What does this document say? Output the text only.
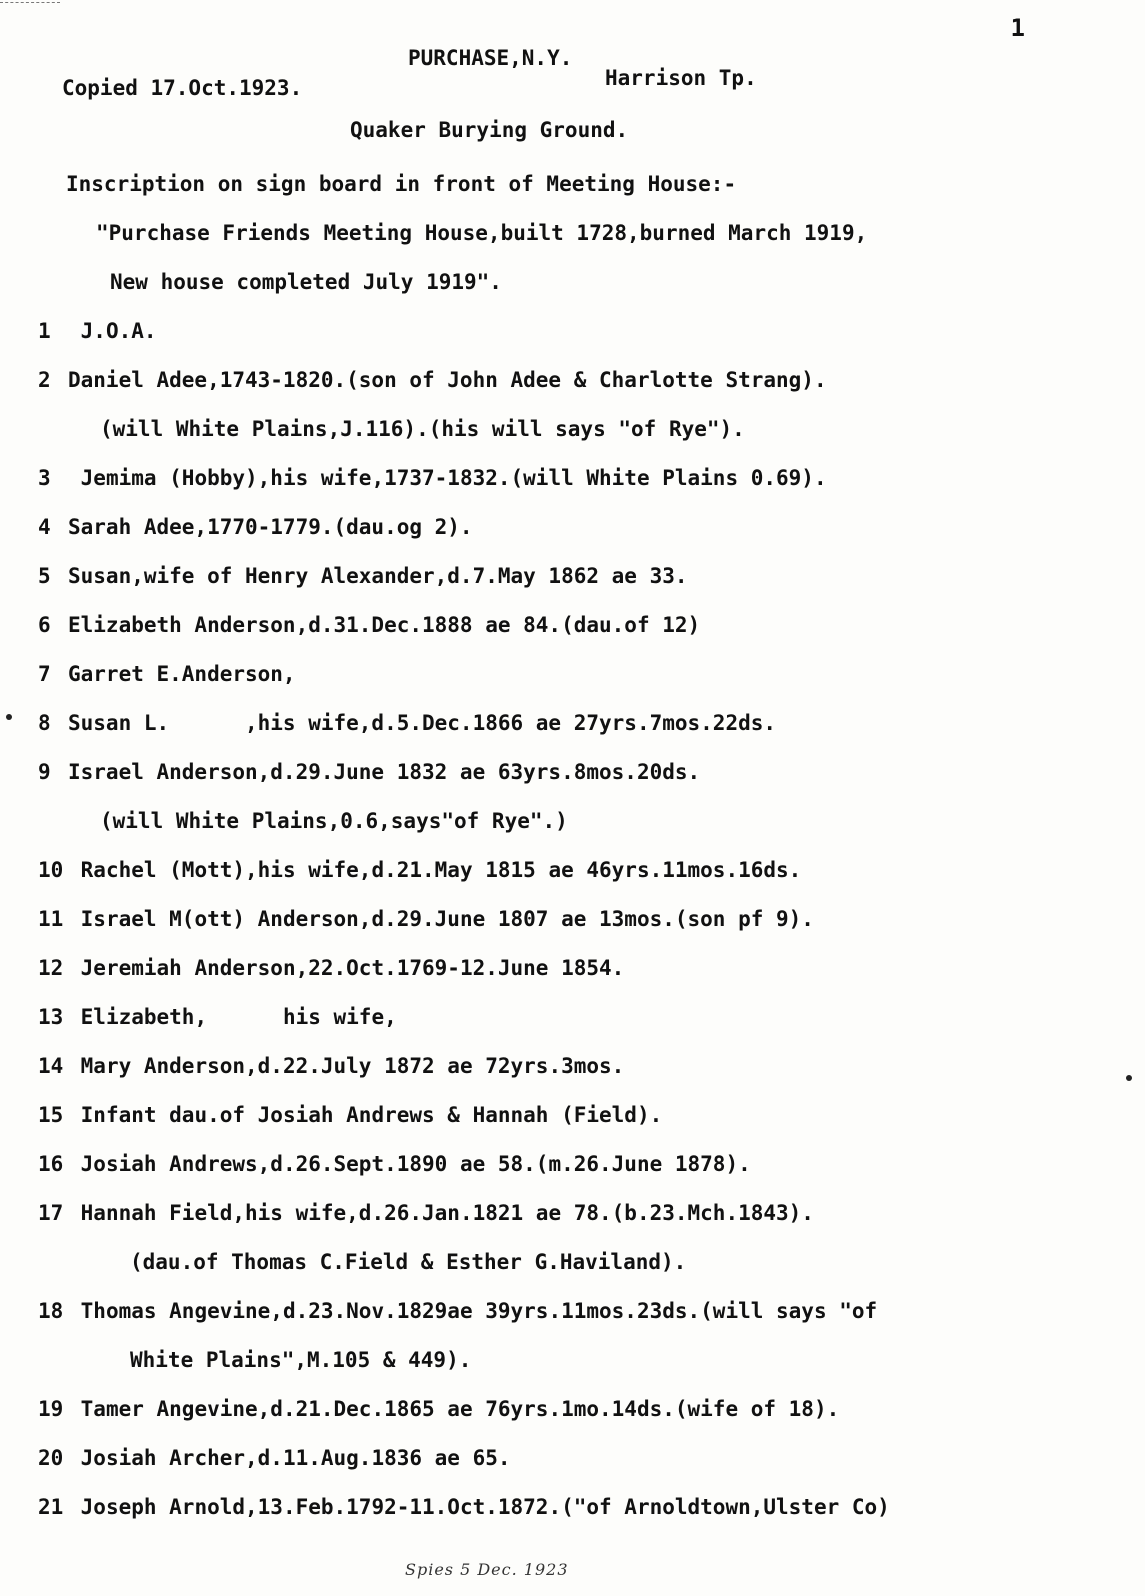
1
PURCHASE,N.Y.
Copied 17.Oct.1923.	Harrison Tp.
Quaker Burying Ground.
Inscription on sign board in front of Meeting House:-
"Purchase Friends Meeting House,built 1728,burned March 1919,
New house completed July 1919".
1 J.O.A.
2 Daniel Adee,1743-1820.(son of John Adee & Charlotte Strang).
(will White Plains,J.116).(his will says "of Rye").
3 Jemima (Hobby),his wife,1737-1832.(will White Plains 0.69).
4 Sarah Adee,1770-1779.(dau.og 2).
5 Susan,wife of Henry Alexander,d.7.May 1862 ae 33.
6 Elizabeth Anderson,d.31.Dec.1888 ae 84.(dau.of 12)
7 Garret E.Anderson,
8 Susan L.      ,his wife,d.5.Dec.1866 ae 27yrs.7mos.22ds.
9 Israel Anderson,d.29.June 1832 ae 63yrs.8mos.20ds.
(will White Plains,0.6,says"of Rye".)
10 Rachel (Mott),his wife,d.21.May 1815 ae 46yrs.11mos.16ds.
11 Israel M(ott) Anderson,d.29.June 1807 ae 13mos.(son pf 9).
12 Jeremiah Anderson,22.Oct.1769-12.June 1854.
13 Elizabeth,      his wife,
14 Mary Anderson,d.22.July 1872 ae 72yrs.3mos.
15 Infant dau.of Josiah Andrews & Hannah (Field).
16 Josiah Andrews,d.26.Sept.1890 ae 58.(m.26.June 1878).
17 Hannah Field,his wife,d.26.Jan.1821 ae 78.(b.23.Mch.1843).
(dau.of Thomas C.Field & Esther G.Haviland).
18 Thomas Angevine,d.23.Nov.1829ae 39yrs.11mos.23ds.(will says "of
White Plains",M.105 & 449).
19 Tamer Angevine,d.21.Dec.1865 ae 76yrs.1mo.14ds.(wife of 18).
20 Josiah Archer,d.11.Aug.1836 ae 65.
21 Joseph Arnold,13.Feb.1792-11.Oct.1872.("of Arnoldtown,Ulster Co)
Spies 5 Dec. 1923
